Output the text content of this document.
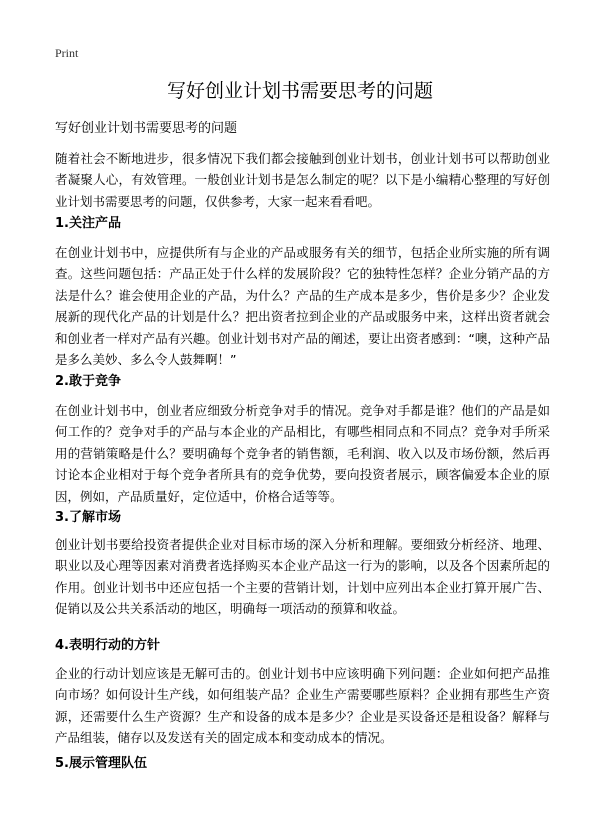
Print
写好创业计划书需要思考的问题
写好创业计划书需要思考的问题

随着社会不断地进步，很多情况下我们都会接触到创业计划书，创业计划书可以帮助创业者凝聚人心，有效管理。一般创业计划书是怎么制定的呢？以下是小编精心整理的写好创业计划书需要思考的问题，仅供参考，大家一起来看看吧。

1.关注产品

在创业计划书中，应提供所有与企业的产品或服务有关的细节，包括企业所实施的所有调查。这些问题包括：产品正处于什么样的发展阶段？它的独特性怎样？企业分销产品的方法是什么？谁会使用企业的产品，为什么？产品的生产成本是多少，售价是多少？企业发展新的现代化产品的计划是什么？把出资者拉到企业的产品或服务中来，这样出资者就会和创业者一样对产品有兴趣。创业计划书对产品的阐述，要让出资者感到：“噢，这种产品是多么美妙、多么令人鼓舞啊！”

2.敢于竞争

在创业计划书中，创业者应细致分析竞争对手的情况。竞争对手都是谁？他们的产品是如何工作的？竞争对手的产品与本企业的产品相比，有哪些相同点和不同点？竞争对手所采用的营销策略是什么？要明确每个竞争者的销售额，毛利润、收入以及市场份额，然后再讨论本企业相对于每个竞争者所具有的竞争优势，要向投资者展示，顾客偏爱本企业的原因，例如，产品质量好，定位适中，价格合适等等。

3.了解市场

创业计划书要给投资者提供企业对目标市场的深入分析和理解。要细致分析经济、地理、职业以及心理等因素对消费者选择购买本企业产品这一行为的影响，以及各个因素所起的作用。创业计划书中还应包括一个主要的营销计划，计划中应列出本企业打算开展广告、促销以及公共关系活动的地区，明确每一项活动的预算和收益。

4.表明行动的方针

企业的行动计划应该是无解可击的。创业计划书中应该明确下列问题：企业如何把产品推向市场？如何设计生产线，如何组装产品？企业生产需要哪些原料？企业拥有那些生产资源，还需要什么生产资源？生产和设备的成本是多少？企业是买设备还是租设备？解释与产品组装，储存以及发送有关的固定成本和变动成本的情况。

5.展示管理队伍
